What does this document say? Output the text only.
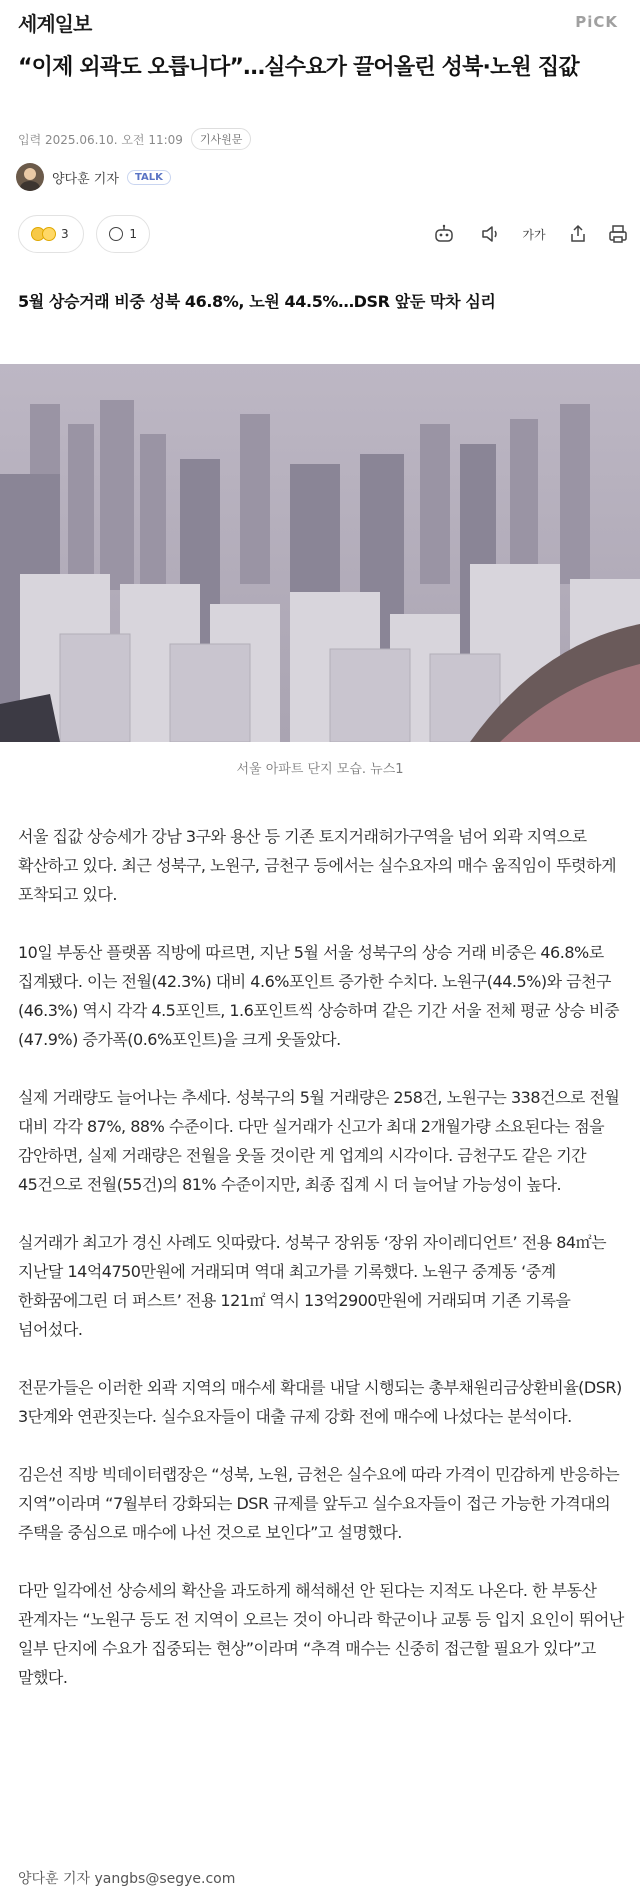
세계일보	PiCK
“이제 외곽도 오릅니다”…실수요가 끌어올린 성북·노원 집값
입력 2025.06.10. 오전 11:09	기사원문
양다훈 기자	TALK
3	1	가가
5월 상승거래 비중 성북 46.8%, 노원 44.5%…DSR 앞둔 막차 심리
서울 아파트 단지 모습. 뉴스1

서울 집값 상승세가 강남 3구와 용산 등 기존 토지거래허가구역을 넘어 외곽 지역으로 확산하고 있다. 최근 성북구, 노원구, 금천구 등에서는 실수요자의 매수 움직임이 뚜렷하게 포착되고 있다.

10일 부동산 플랫폼 직방에 따르면, 지난 5월 서울 성북구의 상승 거래 비중은 46.8%로 집계됐다. 이는 전월(42.3%) 대비 4.6%포인트 증가한 수치다. 노원구(44.5%)와 금천구(46.3%) 역시 각각 4.5포인트, 1.6포인트씩 상승하며 같은 기간 서울 전체 평균 상승 비중(47.9%) 증가폭(0.6%포인트)을 크게 웃돌았다.

실제 거래량도 늘어나는 추세다. 성북구의 5월 거래량은 258건, 노원구는 338건으로 전월 대비 각각 87%, 88% 수준이다. 다만 실거래가 신고가 최대 2개월가량 소요된다는 점을 감안하면, 실제 거래량은 전월을 웃돌 것이란 게 업계의 시각이다. 금천구도 같은 기간 45건으로 전월(55건)의 81% 수준이지만, 최종 집계 시 더 늘어날 가능성이 높다.

실거래가 최고가 경신 사례도 잇따랐다. 성북구 장위동 ‘장위 자이레디언트’ 전용 84㎡는 지난달 14억4750만원에 거래되며 역대 최고가를 기록했다. 노원구 중계동 ‘중계 한화꿈에그린 더 퍼스트’ 전용 121㎡ 역시 13억2900만원에 거래되며 기존 기록을 넘어섰다.

전문가들은 이러한 외곽 지역의 매수세 확대를 내달 시행되는 총부채원리금상환비율(DSR) 3단계와 연관짓는다. 실수요자들이 대출 규제 강화 전에 매수에 나섰다는 분석이다.

김은선 직방 빅데이터랩장은 “성북, 노원, 금천은 실수요에 따라 가격이 민감하게 반응하는 지역”이라며 “7월부터 강화되는 DSR 규제를 앞두고 실수요자들이 접근 가능한 가격대의 주택을 중심으로 매수에 나선 것으로 보인다”고 설명했다.

다만 일각에선 상승세의 확산을 과도하게 해석해선 안 된다는 지적도 나온다. 한 부동산 관계자는 “노원구 등도 전 지역이 오르는 것이 아니라 학군이나 교통 등 입지 요인이 뛰어난 일부 단지에 수요가 집중되는 현상”이라며 “추격 매수는 신중히 접근할 필요가 있다”고 말했다.

양다훈 기자 yangbs@segye.com
